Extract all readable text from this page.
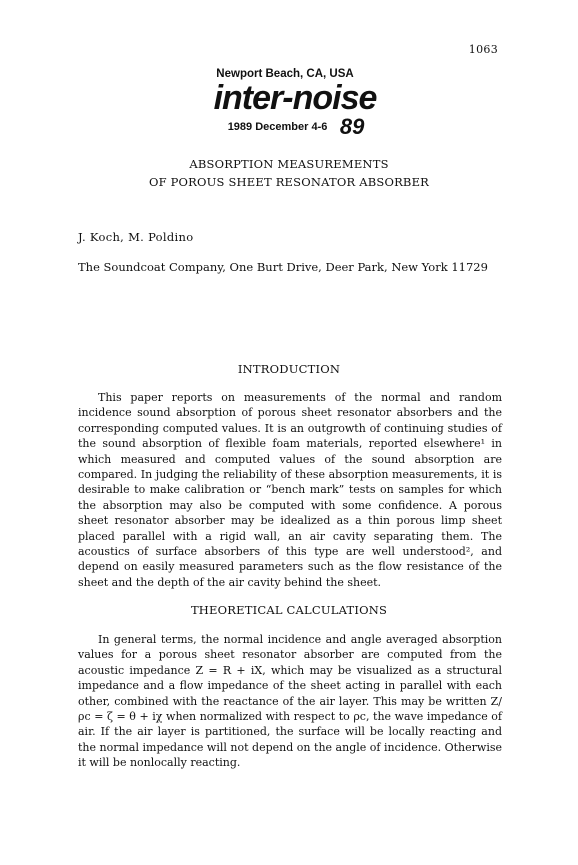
1063
Newport Beach, CA, USA
inter-noise
1989 December 4-6 89
ABSORPTION MEASUREMENTS
OF POROUS SHEET RESONATOR ABSORBER
J. Koch, M. Poldino
The Soundcoat Company, One Burt Drive, Deer Park, New York 11729
INTRODUCTION

This paper reports on measurements of the normal and random incidence sound absorption of porous sheet resonator absorbers and the corresponding computed values. It is an outgrowth of continuing studies of the sound absorption of flexible foam materials, reported elsewhere¹ in which measured and computed values of the sound absorption are compared. In judging the reliability of these absorption measurements, it is desirable to make calibration or “bench mark” tests on samples for which the absorption may also be computed with some confidence. A porous sheet resonator absorber may be idealized as a thin porous limp sheet placed parallel with a rigid wall, an air cavity separating them. The acoustics of surface absorbers of this type are well understood², and depend on easily measured parameters such as the flow resistance of the sheet and the depth of the air cavity behind the sheet.

THEORETICAL CALCULATIONS

In general terms, the normal incidence and angle averaged absorption values for a porous sheet resonator absorber are computed from the acoustic impedance Z = R + iX, which may be visualized as a structural impedance and a flow impedance of the sheet acting in parallel with each other, combined with the reactance of the air layer. This may be written Z/ρc = ζ = θ + iχ when normalized with respect to ρc, the wave impedance of air. If the air layer is partitioned, the surface will be locally reacting and the normal impedance will not depend on the angle of incidence. Otherwise it will be nonlocally reacting.
